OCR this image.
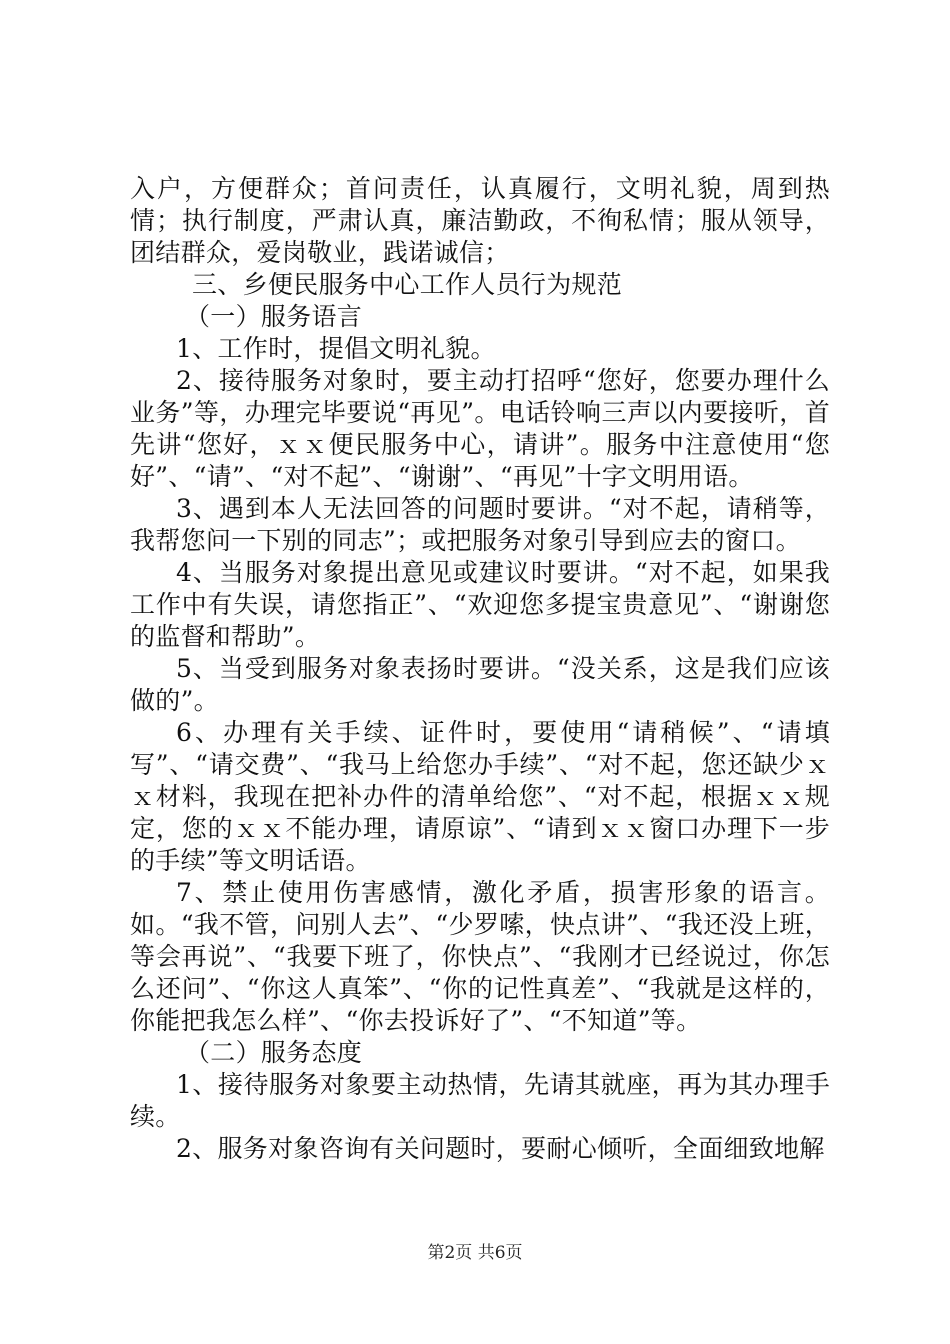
入户，方便群众；首问责任，认真履行，文明礼貌，周到热情；执行制度，严肃认真，廉洁勤政，不徇私情；服从领导，团结群众，爱岗敬业，践诺诚信；

三、乡便民服务中心工作人员行为规范

（一）服务语言

1、工作时，提倡文明礼貌。

2、接待服务对象时，要主动打招呼“您好，您要办理什么业务”等，办理完毕要说“再见”。电话铃响三声以内要接听，首先讲“您好，ｘｘ便民服务中心，请讲”。服务中注意使用“您好”、“请”、“对不起”、“谢谢”、“再见”十字文明用语。

3、遇到本人无法回答的问题时要讲。“对不起，请稍等，我帮您问一下别的同志”；或把服务对象引导到应去的窗口。

4、当服务对象提出意见或建议时要讲。“对不起，如果我工作中有失误，请您指正”、“欢迎您多提宝贵意见”、“谢谢您的监督和帮助”。

5、当受到服务对象表扬时要讲。“没关系，这是我们应该做的”。

6、办理有关手续、证件时，要使用“请稍候”、“请填写”、“请交费”、“我马上给您办手续”、“对不起，您还缺少ｘｘ材料，我现在把补办件的清单给您”、“对不起，根据ｘｘ规定，您的ｘｘ不能办理，请原谅”、“请到ｘｘ窗口办理下一步的手续”等文明话语。

7、禁止使用伤害感情，激化矛盾，损害形象的语言。如。“我不管，问别人去”、“少罗嗦，快点讲”、“我还没上班，等会再说”、“我要下班了，你快点”、“我刚才已经说过，你怎么还问”、“你这人真笨”、“你的记性真差”、“我就是这样的，你能把我怎么样”、“你去投诉好了”、“不知道”等。

（二）服务态度

1、接待服务对象要主动热情，先请其就座，再为其办理手续。

2、服务对象咨询有关问题时，要耐心倾听，全面细致地解

第2页 共6页
